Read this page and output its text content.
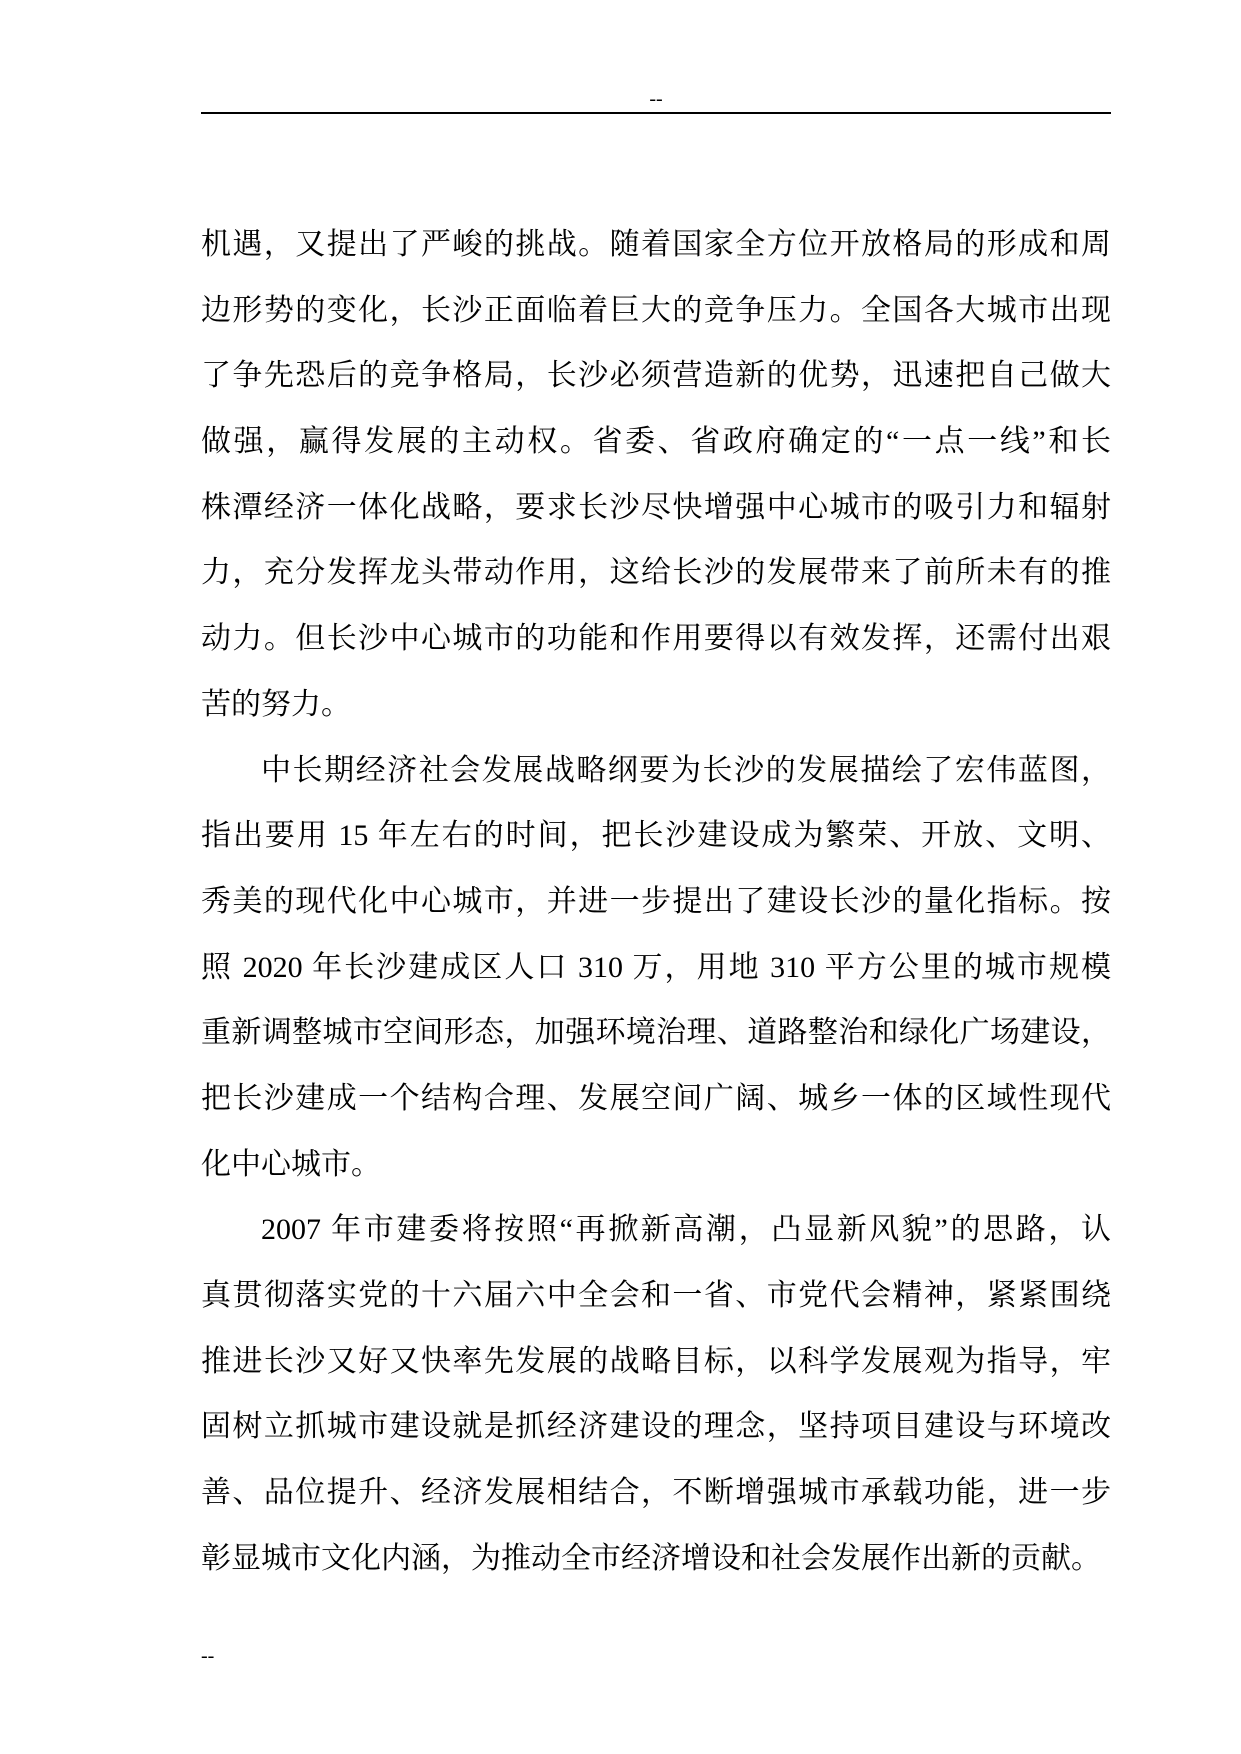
--
机遇，又提出了严峻的挑战。随着国家全方位开放格局的形成和周
边形势的变化，长沙正面临着巨大的竞争压力。全国各大城市出现
了争先恐后的竞争格局，长沙必须营造新的优势，迅速把自己做大
做强，赢得发展的主动权。省委、省政府确定的“一点一线”和长
株潭经济一体化战略，要求长沙尽快增强中心城市的吸引力和辐射
力，充分发挥龙头带动作用，这给长沙的发展带来了前所未有的推
动力。但长沙中心城市的功能和作用要得以有效发挥，还需付出艰
苦的努力。
中长期经济社会发展战略纲要为长沙的发展描绘了宏伟蓝图，
指出要用 15 年左右的时间，把长沙建设成为繁荣、开放、文明、
秀美的现代化中心城市，并进一步提出了建设长沙的量化指标。按
照 2020 年长沙建成区人口 310 万，用地 310 平方公里的城市规模
重新调整城市空间形态，加强环境治理、道路整治和绿化广场建设，
把长沙建成一个结构合理、发展空间广阔、城乡一体的区域性现代
化中心城市。
2007 年市建委将按照“再掀新高潮，凸显新风貌”的思路，认
真贯彻落实党的十六届六中全会和一省、市党代会精神，紧紧围绕
推进长沙又好又快率先发展的战略目标，以科学发展观为指导，牢
固树立抓城市建设就是抓经济建设的理念，坚持项目建设与环境改
善、品位提升、经济发展相结合，不断增强城市承载功能，进一步
彰显城市文化内涵，为推动全市经济增设和社会发展作出新的贡献。
--
